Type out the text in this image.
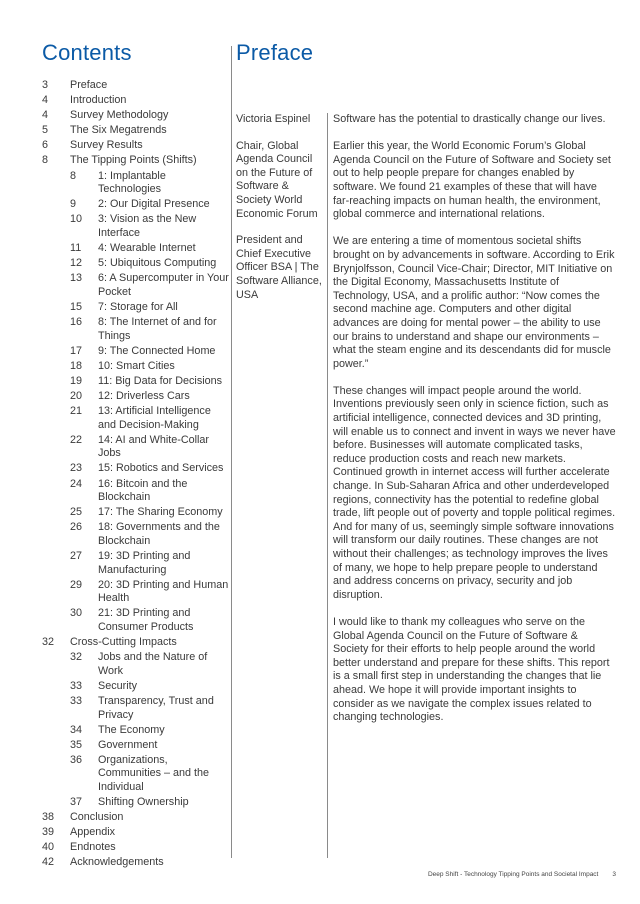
Contents	Preface
3	Preface
4	Introduction
4	Survey Methodology
5	The Six Megatrends
6	Survey Results
8	The Tipping Points (Shifts)
8	1: Implantable Technologies
9	2: Our Digital Presence
10	3: Vision as the New Interface
11	4: Wearable Internet
12	5: Ubiquitous Computing
13	6: A Supercomputer in Your Pocket
15	7: Storage for All
16	8: The Internet of and for Things
17	9: The Connected Home
18	10: Smart Cities
19	11: Big Data for Decisions
20	12: Driverless Cars
21	13: Artificial Intelligence and Decision-Making
22	14: AI and White-Collar Jobs
23	15: Robotics and Services
24	16: Bitcoin and the Blockchain
25	17: The Sharing Economy
26	18: Governments and the Blockchain
27	19: 3D Printing and Manufacturing
29	20: 3D Printing and Human Health
30	21: 3D Printing and Consumer Products
32	Cross-Cutting Impacts
32	Jobs and the Nature of Work
33	Security
33	Transparency, Trust and Privacy
34	The Economy
35	Government
36	Organizations, Communities – and the Individual
37	Shifting Ownership
38	Conclusion
39	Appendix
40	Endnotes
42	Acknowledgements
Victoria Espinel
Chair, Global Agenda Council on the Future of Software & Society World Economic Forum
President and Chief Executive Officer BSA | The Software Alliance, USA

Software has the potential to drastically change our lives.

Earlier this year, the World Economic Forum’s Global Agenda Council on the Future of Software and Society set out to help people prepare for changes enabled by software. We found 21 examples of these that will have far-reaching impacts on human health, the environment, global commerce and international relations.

We are entering a time of momentous societal shifts brought on by advancements in software. According to Erik Brynjolfsson, Council Vice-Chair; Director, MIT Initiative on the Digital Economy, Massachusetts Institute of Technology, USA, and a prolific author: “Now comes the second machine age. Computers and other digital advances are doing for mental power – the ability to use our brains to understand and shape our environments – what the steam engine and its descendants did for muscle power.”

These changes will impact people around the world. Inventions previously seen only in science fiction, such as artificial intelligence, connected devices and 3D printing, will enable us to connect and invent in ways we never have before. Businesses will automate complicated tasks, reduce production costs and reach new markets. Continued growth in internet access will further accelerate change. In Sub-Saharan Africa and other underdeveloped regions, connectivity has the potential to redefine global trade, lift people out of poverty and topple political regimes. And for many of us, seemingly simple software innovations will transform our daily routines. These changes are not without their challenges; as technology improves the lives of many, we hope to help prepare people to understand and address concerns on privacy, security and job disruption.

I would like to thank my colleagues who serve on the Global Agenda Council on the Future of Software & Society for their efforts to help people around the world better understand and prepare for these shifts. This report is a small first step in understanding the changes that lie ahead. We hope it will provide important insights to consider as we navigate the complex issues related to changing technologies.

Deep Shift - Technology Tipping Points and Societal Impact 3
